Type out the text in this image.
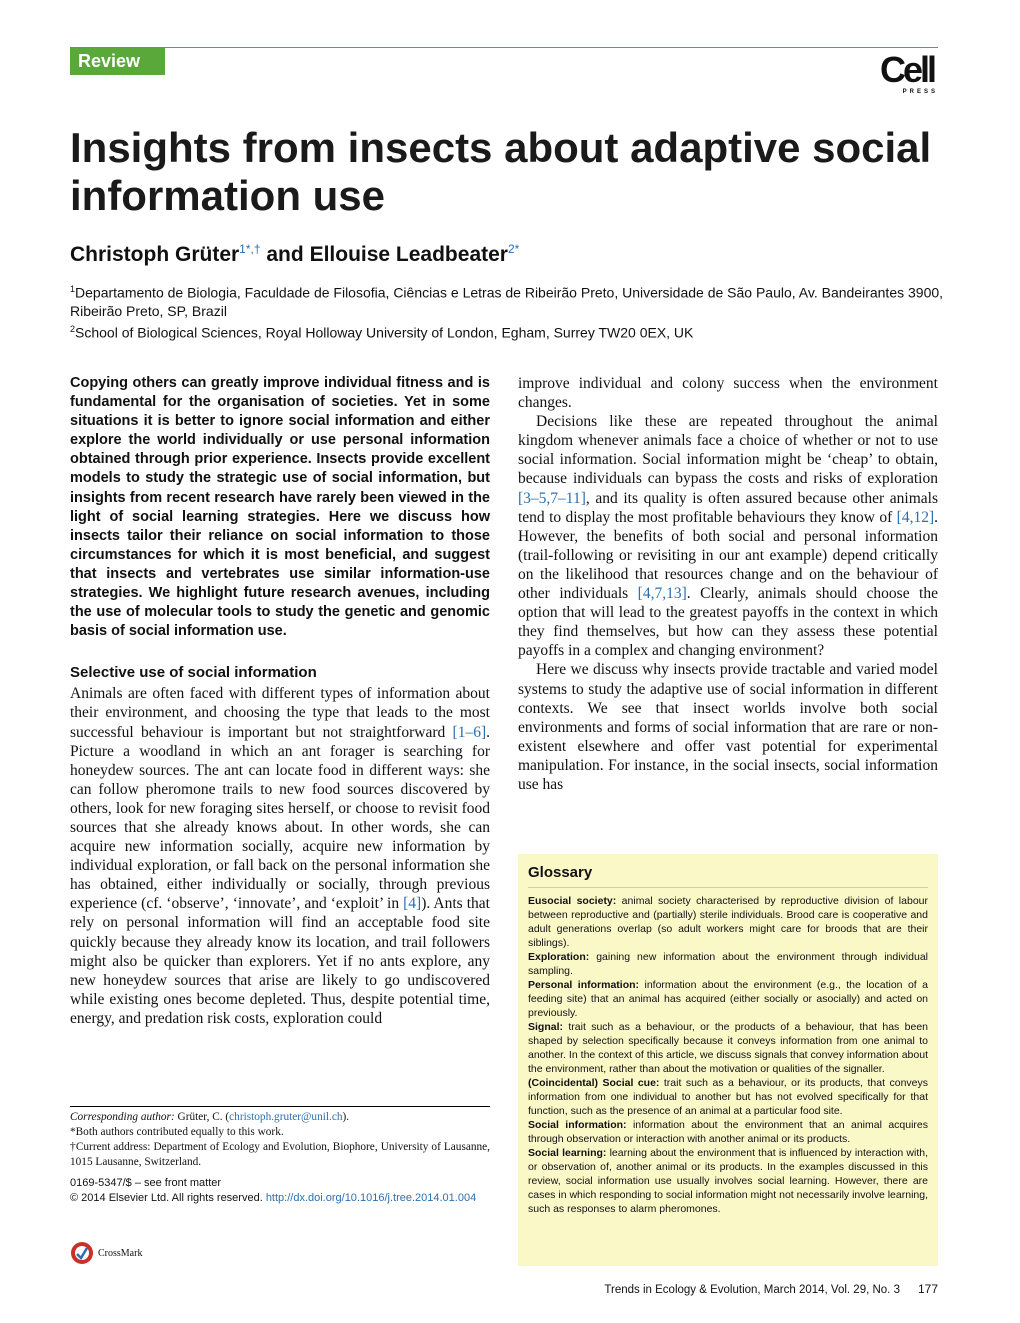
Review	Cell
PRESS
Insights from insects about adaptive social information use
Christoph Grüter$^{1*,\dagger}$ and Ellouise Leadbeater$^{2*}$
$^1$Departamento de Biologia, Faculdade de Filosofia, Ciências e Letras de Ribeirão Preto, Universidade de São Paulo, Av. Bandeirantes 3900, Ribeirão Preto, SP, Brazil
$^2$School of Biological Sciences, Royal Holloway University of London, Egham, Surrey TW20 0EX, UK

Copying others can greatly improve individual fitness and is fundamental for the organisation of societies. Yet in some situations it is better to ignore social information and either explore the world individually or use personal information obtained through prior experience. Insects provide excellent models to study the strategic use of social information, but insights from recent research have rarely been viewed in the light of social learning strategies. Here we discuss how insects tailor their reliance on social information to those circumstances for which it is most beneficial, and suggest that insects and vertebrates use similar information-use strategies. We highlight future research avenues, including the use of molecular tools to study the genetic and genomic basis of social information use.

Selective use of social information

Animals are often faced with different types of information about their environment, and choosing the type that leads to the most successful behaviour is important but not straightforward [1–6]. Picture a woodland in which an ant forager is searching for honeydew sources. The ant can locate food in different ways: she can follow pheromone trails to new food sources discovered by others, look for new foraging sites herself, or choose to revisit food sources that she already knows about. In other words, she can acquire new information socially, acquire new information by individual exploration, or fall back on the personal information she has obtained, either individually or socially, through previous experience (cf. ‘observe’, ‘innovate’, and ‘exploit’ in [4]). Ants that rely on personal information will find an acceptable food site quickly because they already know its location, and trail followers might also be quicker than explorers. Yet if no ants explore, any new honeydew sources that arise are likely to go undiscovered while existing ones become depleted. Thus, despite potential time, energy, and predation risk costs, exploration could

improve individual and colony success when the environment changes.

Decisions like these are repeated throughout the animal kingdom whenever animals face a choice of whether or not to use social information. Social information might be ‘cheap’ to obtain, because individuals can bypass the costs and risks of exploration [3–5,7–11], and its quality is often assured because other animals tend to display the most profitable behaviours they know of [4,12]. However, the benefits of both social and personal information (trail-following or revisiting in our ant example) depend critically on the likelihood that resources change and on the behaviour of other individuals [4,7,13]. Clearly, animals should choose the option that will lead to the greatest payoffs in the context in which they find themselves, but how can they assess these potential payoffs in a complex and changing environment?

Here we discuss why insects provide tractable and varied model systems to study the adaptive use of social information in different contexts. We see that insect worlds involve both social environments and forms of social information that are rare or non-existent elsewhere and offer vast potential for experimental manipulation. For instance, in the social insects, social information use has

Corresponding author: Grüter, C. (christoph.gruter@unil.ch).

*Both authors contributed equally to this work.

†Current address: Department of Ecology and Evolution, Biophore, University of Lausanne, 1015 Lausanne, Switzerland.

0169-5347/$ – see front matter
© 2014 Elsevier Ltd. All rights reserved. http://dx.doi.org/10.1016/j.tree.2014.01.004
CrossMark
Glossary

Eusocial society: animal society characterised by reproductive division of labour between reproductive and (partially) sterile individuals. Brood care is cooperative and adult generations overlap (so adult workers might care for broods that are their siblings).

Exploration: gaining new information about the environment through individual sampling.

Personal information: information about the environment (e.g., the location of a feeding site) that an animal has acquired (either socially or asocially) and acted on previously.

Signal: trait such as a behaviour, or the products of a behaviour, that has been shaped by selection specifically because it conveys information from one animal to another. In the context of this article, we discuss signals that convey information about the environment, rather than about the motivation or qualities of the signaller.

(Coincidental) Social cue: trait such as a behaviour, or its products, that conveys information from one individual to another but has not evolved specifically for that function, such as the presence of an animal at a particular food site.

Social information: information about the environment that an animal acquires through observation or interaction with another animal or its products.

Social learning: learning about the environment that is influenced by interaction with, or observation of, another animal or its products. In the examples discussed in this review, social information use usually involves social learning. However, there are cases in which responding to social information might not necessarily involve learning, such as responses to alarm pheromones.

Trends in Ecology & Evolution, March 2014, Vol. 29, No. 3 177
